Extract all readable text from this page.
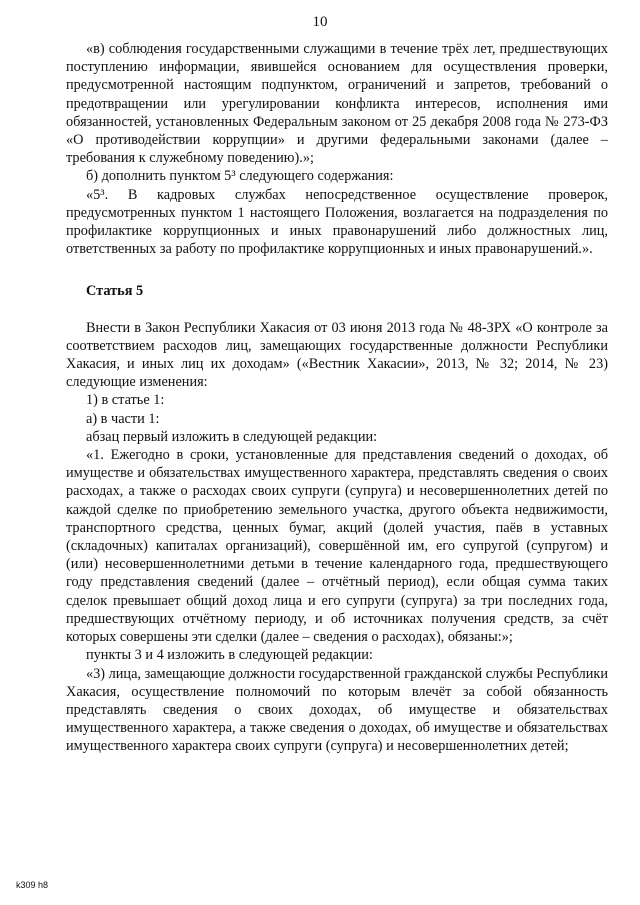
10

«в) соблюдения государственными служащими в течение трёх лет, предшествующих поступлению информации, явившейся основанием для осуществления проверки, предусмотренной настоящим подпунктом, ограничений и запретов, требований о предотвращении или урегулировании конфликта интересов, исполнения ими обязанностей, установленных Федеральным законом от 25 декабря 2008 года № 273-ФЗ «О противодействии коррупции» и другими федеральными законами (далее – требования к служебному поведению).»;

б) дополнить пунктом 5³ следующего содержания:

«5³. В кадровых службах непосредственное осуществление проверок, предусмотренных пунктом 1 настоящего Положения, возлагается на подразделения по профилактике коррупционных и иных правонарушений либо должностных лиц, ответственных за работу по профилактике коррупционных и иных правонарушений.».

Статья 5

Внести в Закон Республики Хакасия от 03 июня 2013 года № 48-ЗРХ «О контроле за соответствием расходов лиц, замещающих государственные должности Республики Хакасия, и иных лиц их доходам» («Вестник Хакасии», 2013, № 32; 2014, № 23) следующие изменения:

1) в статье 1:

а) в части 1:

абзац первый изложить в следующей редакции:

«1. Ежегодно в сроки, установленные для представления сведений о доходах, об имуществе и обязательствах имущественного характера, представлять сведения о своих расходах, а также о расходах своих супруги (супруга) и несовершеннолетних детей по каждой сделке по приобретению земельного участка, другого объекта недвижимости, транспортного средства, ценных бумаг, акций (долей участия, паёв в уставных (складочных) капиталах организаций), совершённой им, его супругой (супругом) и (или) несовершеннолетними детьми в течение календарного года, предшествующего году представления сведений (далее – отчётный период), если общая сумма таких сделок превышает общий доход лица и его супруги (супруга) за три последних года, предшествующих отчётному периоду, и об источниках получения средств, за счёт которых совершены эти сделки (далее – сведения о расходах), обязаны:»;

пункты 3 и 4 изложить в следующей редакции:

«3) лица, замещающие должности государственной гражданской службы Республики Хакасия, осуществление полномочий по которым влечёт за собой обязанность представлять сведения о своих доходах, об имуществе и обязательствах имущественного характера, а также сведения о доходах, об имуществе и обязательствах имущественного характера своих супруги (супруга) и несовершеннолетних детей;

k309 h8
